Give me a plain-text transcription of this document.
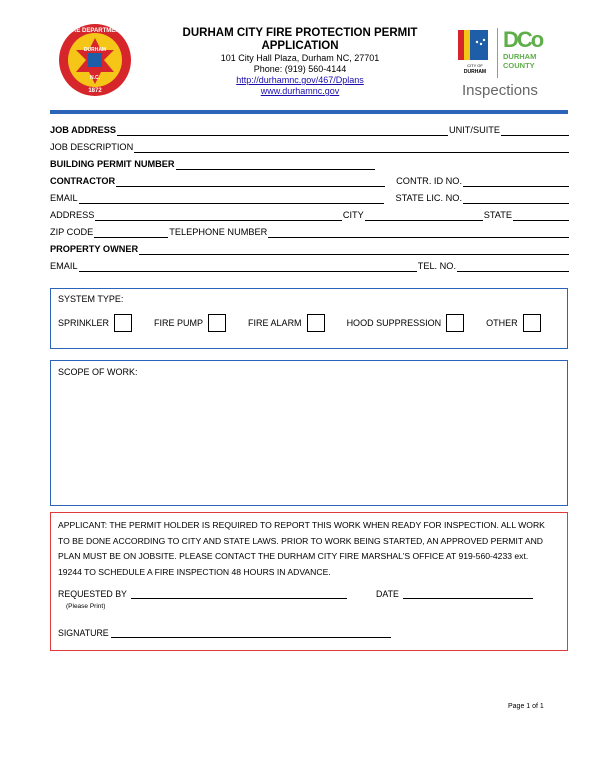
FIRE DEPARTMENT
DURHAM
N.C.
1872
DURHAM CITY FIRE PROTECTION PERMIT
APPLICATION
101 City Hall Plaza, Durham NC, 27701
Phone: (919) 560-4144
http://durhamnc.gov/467/Dplans
www.durhamnc.gov
CITY OF
DURHAM
DCo
DURHAM
COUNTY
Inspections
JOB ADDRESS	UNIT/SUITE
JOB DESCRIPTION
BUILDING PERMIT NUMBER
CONTRACTOR	CONTR. ID NO.
EMAIL	STATE LIC. NO.
ADDRESS	CITY	STATE
ZIP CODE	TELEPHONE NUMBER
PROPERTY OWNER
EMAIL	TEL. NO.
SYSTEM TYPE:
SPRINKLER	FIRE PUMP	FIRE ALARM	HOOD SUPPRESSION	OTHER
SCOPE OF WORK:
APPLICANT: THE PERMIT HOLDER IS REQUIRED TO REPORT THIS WORK WHEN READY FOR INSPECTION. ALL WORK TO BE DONE ACCORDING TO CITY AND STATE LAWS. PRIOR TO WORK BEING STARTED, AN APPROVED PERMIT AND PLAN MUST BE ON JOBSITE. PLEASE CONTACT THE DURHAM CITY FIRE MARSHAL’S OFFICE AT 919-560-4233 ext. 19244 TO SCHEDULE A FIRE INSPECTION 48 HOURS IN ADVANCE.
REQUESTED BY
(Please Print)
DATE
SIGNATURE
Page 1 of 1
